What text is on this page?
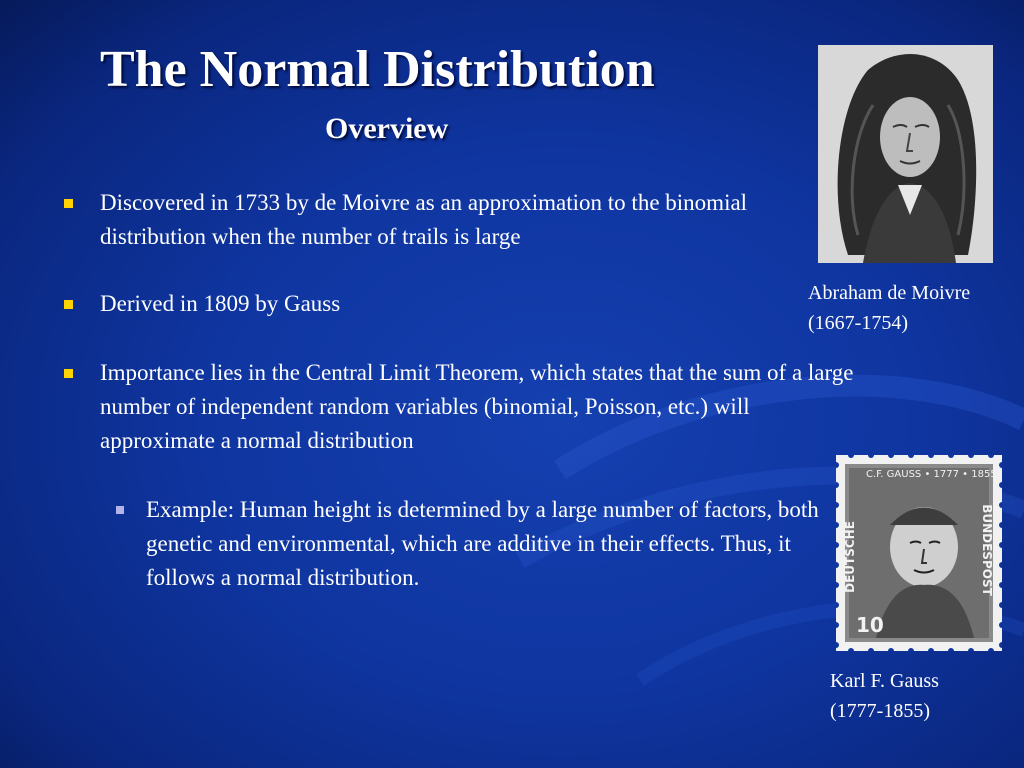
The Normal Distribution
Overview
Discovered in 1733 by de Moivre as an approximation to the binomial distribution when the number of trails is large
Derived in 1809 by Gauss
Importance lies in the Central Limit Theorem, which states that the sum of a large number of independent random variables (binomial, Poisson, etc.) will approximate a normal distribution
Example: Human height is determined by a large number of factors, both genetic and environmental, which are additive in their effects. Thus, it follows a normal distribution.
Abraham de Moivre
(1667-1754)
C.F. GAUSS • 1777 • 1855
DEUTSCHE	BUNDESPOST
10
Karl F. Gauss
(1777-1855)
